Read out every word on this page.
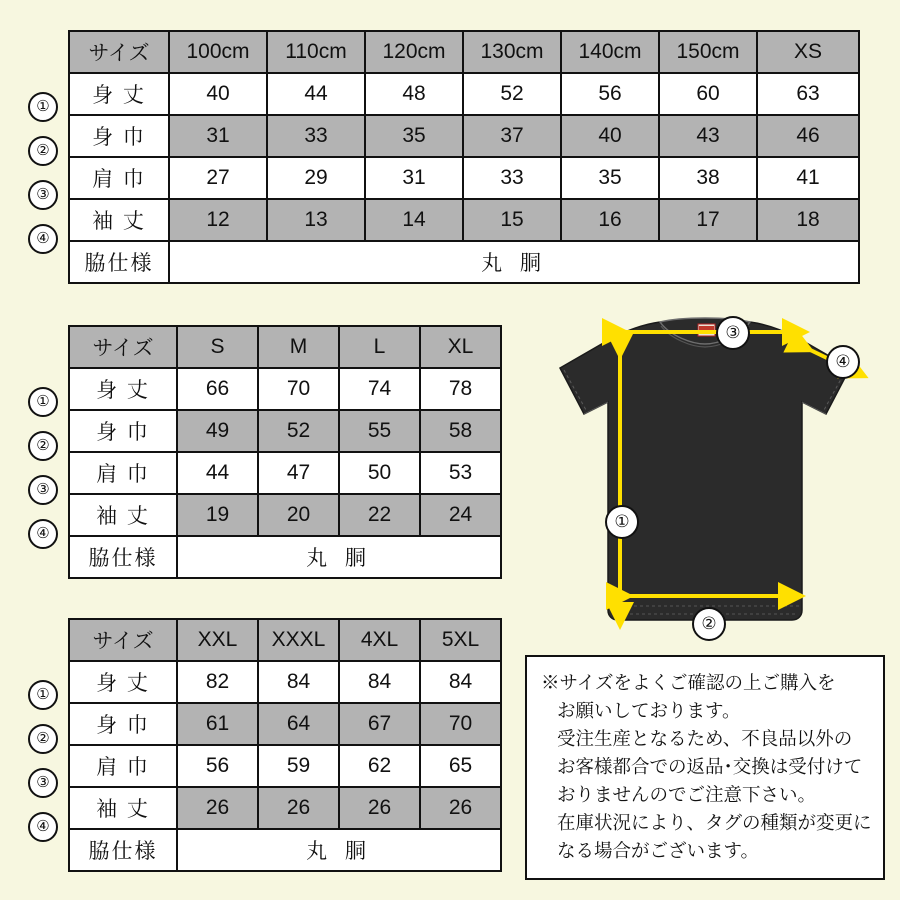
①
②
③
④
サイズ	100cm	110cm	120cm	130cm	140cm	150cm	XS
身 丈	40	44	48	52	56	60	63
身 巾	31	33	35	37	40	43	46
肩 巾	27	29	31	33	35	38	41
袖 丈	12	13	14	15	16	17	18
脇仕様	丸 胴						
①
②
③
④
サイズ	S	M	L	XL
身 丈	66	70	74	78
身 巾	49	52	55	58
肩 巾	44	47	50	53
袖 丈	19	20	22	24
脇仕様	丸 胴			
①
②
③
④
サイズ	XXL	XXXL	4XL	5XL
身 丈	82	84	84	84
身 巾	61	64	67	70
肩 巾	56	59	62	65
袖 丈	26	26	26	26
脇仕様	丸 胴			
③
④
①
②
※サイズをよくご確認の上ご購入を
お願いしております。
受注生産となるため、不良品以外の
お客様都合での返品･交換は受付けて
おりませんのでご注意下さい。
在庫状況により、タグの種類が変更に
なる場合がございます。
